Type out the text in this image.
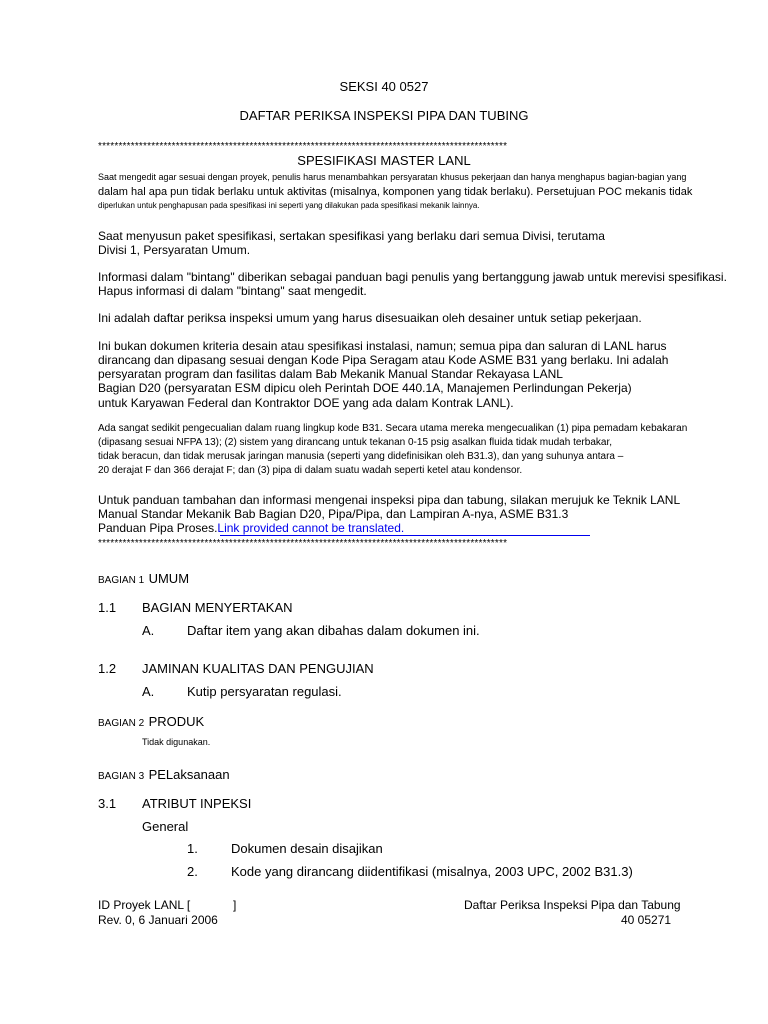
SEKSI 40 0527
DAFTAR PERIKSA INSPEKSI PIPA DAN TUBING
****************************************************************************************************
SPESIFIKASI MASTER LANL
Saat mengedit agar sesuai dengan proyek, penulis harus menambahkan persyaratan khusus pekerjaan dan hanya menghapus bagian-bagian yang
dalam hal apa pun tidak berlaku untuk aktivitas (misalnya, komponen yang tidak berlaku). Persetujuan POC mekanis tidak
diperlukan untuk penghapusan pada spesifikasi ini seperti yang dilakukan pada spesifikasi mekanik lainnya.
Saat menyusun paket spesifikasi, sertakan spesifikasi yang berlaku dari semua Divisi, terutama
Divisi 1, Persyaratan Umum.
Informasi dalam "bintang" diberikan sebagai panduan bagi penulis yang bertanggung jawab untuk merevisi spesifikasi.
Hapus informasi di dalam "bintang" saat mengedit.
Ini adalah daftar periksa inspeksi umum yang harus disesuaikan oleh desainer untuk setiap pekerjaan.
Ini bukan dokumen kriteria desain atau spesifikasi instalasi, namun; semua pipa dan saluran di LANL harus
dirancang dan dipasang sesuai dengan Kode Pipa Seragam atau Kode ASME B31 yang berlaku. Ini adalah
persyaratan program dan fasilitas dalam Bab Mekanik Manual Standar Rekayasa LANL
Bagian D20 (persyaratan ESM dipicu oleh Perintah DOE 440.1A, Manajemen Perlindungan Pekerja)
untuk Karyawan Federal dan Kontraktor DOE yang ada dalam Kontrak LANL).
Ada sangat sedikit pengecualian dalam ruang lingkup kode B31. Secara utama mereka mengecualikan (1) pipa pemadam kebakaran
(dipasang sesuai NFPA 13); (2) sistem yang dirancang untuk tekanan 0-15 psig asalkan fluida tidak mudah terbakar,
tidak beracun, dan tidak merusak jaringan manusia (seperti yang didefinisikan oleh B31.3), dan yang suhunya antara –
20 derajat F dan 366 derajat F; dan (3) pipa di dalam suatu wadah seperti ketel atau kondensor.
Untuk panduan tambahan dan informasi mengenai inspeksi pipa dan tabung, silakan merujuk ke Teknik LANL
Manual Standar Mekanik Bab Bagian D20, Pipa/Pipa, dan Lampiran A-nya, ASME B31.3
Panduan Pipa Proses.Link provided cannot be translated.
****************************************************************************************************
BAGIAN 1 UMUM
1.1 BAGIAN MENYERTAKAN
A.	Daftar item yang akan dibahas dalam dokumen ini.
1.2 JAMINAN KUALITAS DAN PENGUJIAN
A.	Kutip persyaratan regulasi.
BAGIAN 2 PRODUK
Tidak digunakan.
BAGIAN 3 PELaksanaan
3.1 ATRIBUT INPEKSI
General
1.	Dokumen desain disajikan
2.	Kode yang dirancang diidentifikasi (misalnya, 2003 UPC, 2002 B31.3)
ID Proyek LANL [	]
Rev. 0, 6 Januari 2006
Daftar Periksa Inspeksi Pipa dan Tabung
40 05271
